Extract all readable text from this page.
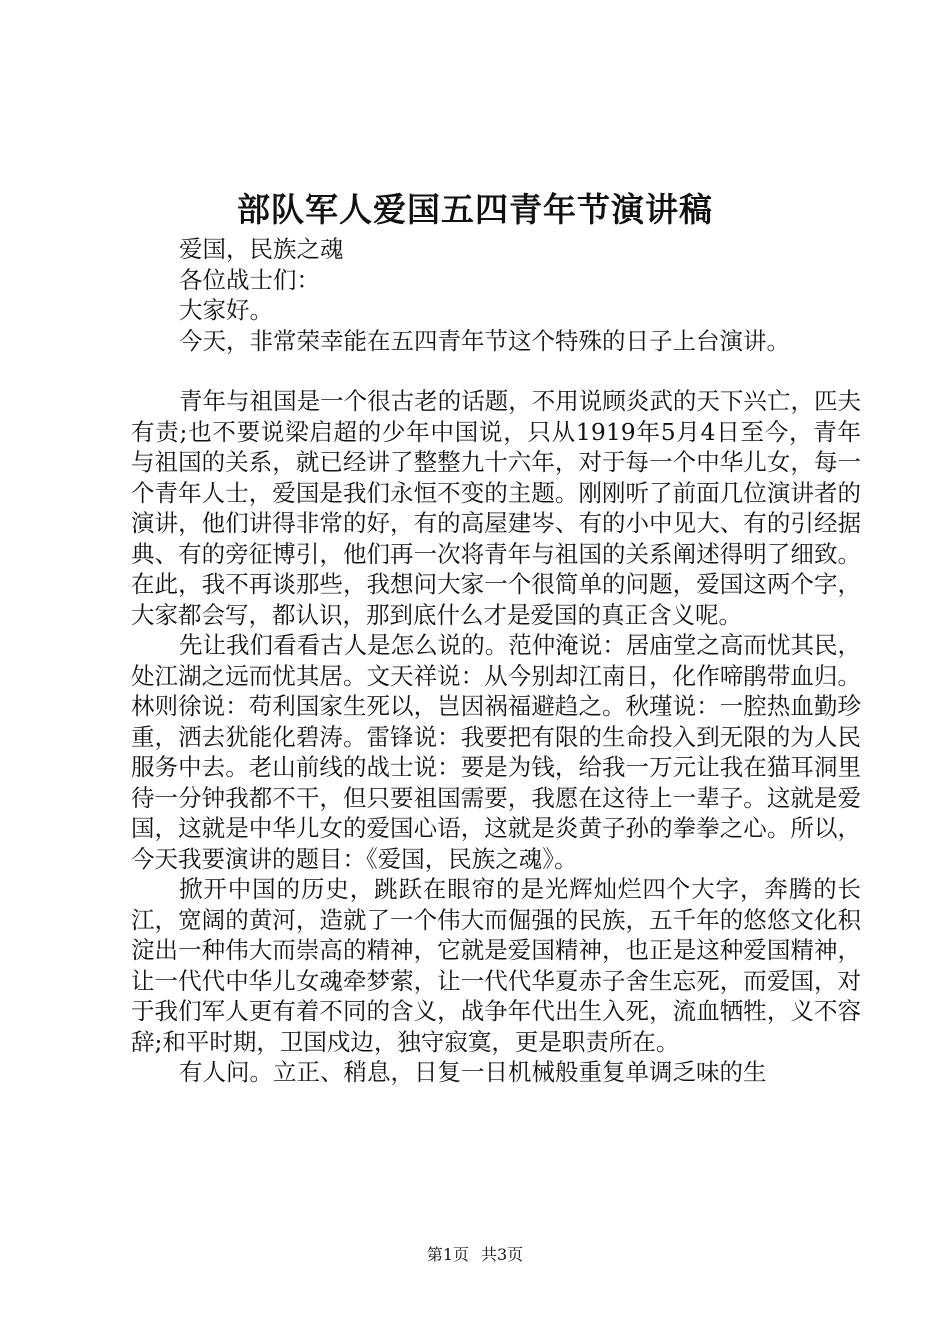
部队军人爱国五四青年节演讲稿

爱国，民族之魂

各位战士们：

大家好。

今天，非常荣幸能在五四青年节这个特殊的日子上台演讲。

青年与祖国是一个很古老的话题，不用说顾炎武的天下兴亡，匹夫有责;也不要说梁启超的少年中国说，只从1919年5月4日至今，青年与祖国的关系，就已经讲了整整九十六年，对于每一个中华儿女，每一个青年人士，爱国是我们永恒不变的主题。刚刚听了前面几位演讲者的演讲，他们讲得非常的好，有的高屋建岑、有的小中见大、有的引经据典、有的旁征博引，他们再一次将青年与祖国的关系阐述得明了细致。在此，我不再谈那些，我想问大家一个很简单的问题，爱国这两个字，大家都会写，都认识，那到底什么才是爱国的真正含义呢。

先让我们看看古人是怎么说的。范仲淹说：居庙堂之高而忧其民，处江湖之远而忧其居。文天祥说：从今别却江南日，化作啼鹃带血归。林则徐说：苟利国家生死以，岂因祸福避趋之。秋瑾说：一腔热血勤珍重，洒去犹能化碧涛。雷锋说：我要把有限的生命投入到无限的为人民服务中去。老山前线的战士说：要是为钱，给我一万元让我在猫耳洞里待一分钟我都不干，但只要祖国需要，我愿在这待上一辈子。这就是爱国，这就是中华儿女的爱国心语，这就是炎黄子孙的拳拳之心。所以，今天我要演讲的题目：《爱国，民族之魂》。

掀开中国的历史，跳跃在眼帘的是光辉灿烂四个大字，奔腾的长江，宽阔的黄河，造就了一个伟大而倔强的民族，五千年的悠悠文化积淀出一种伟大而崇高的精神，它就是爱国精神，也正是这种爱国精神，让一代代中华儿女魂牵梦萦，让一代代华夏赤子舍生忘死，而爱国，对于我们军人更有着不同的含义，战争年代出生入死，流血牺牲，义不容辞;和平时期，卫国戍边，独守寂寞，更是职责所在。

有人问。立正、稍息，日复一日机械般重复单调乏味的生

第1页 共3页
